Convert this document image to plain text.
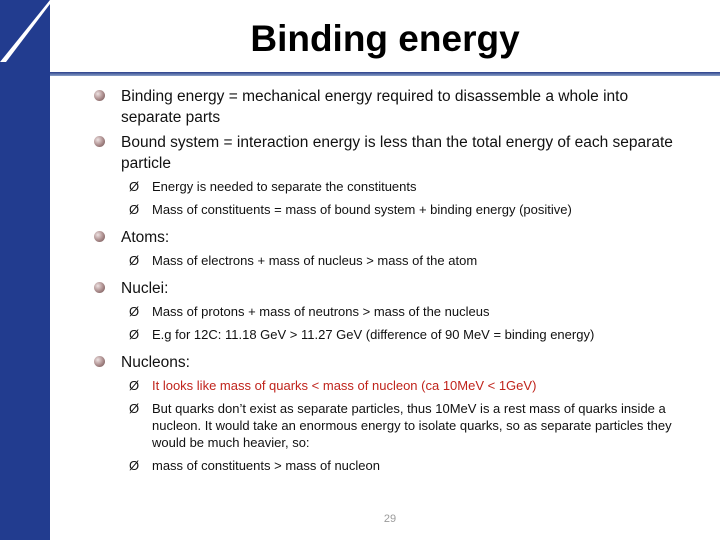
Binding energy
Binding energy = mechanical energy required to disassemble a whole into separate parts
Bound system = interaction energy is less than the total energy of each separate particle
Ø Energy is needed to separate the constituents
Ø Mass of constituents = mass of bound system + binding energy (positive)
Atoms:
Ø Mass of electrons + mass of nucleus > mass of the atom
Nuclei:
Ø Mass of protons + mass of neutrons > mass of the nucleus
Ø E.g for 12C: 11.18 GeV > 11.27 GeV (difference of 90 MeV = binding energy)
Nucleons:
Ø It looks like mass of quarks < mass of nucleon (ca 10MeV < 1GeV)
Ø But quarks don’t exist as separate particles, thus 10MeV is a rest mass of quarks inside a nucleon. It would take an enormous energy to isolate quarks, so as separate particles they would be much heavier, so:
Ø mass of constituents > mass of nucleon
29
